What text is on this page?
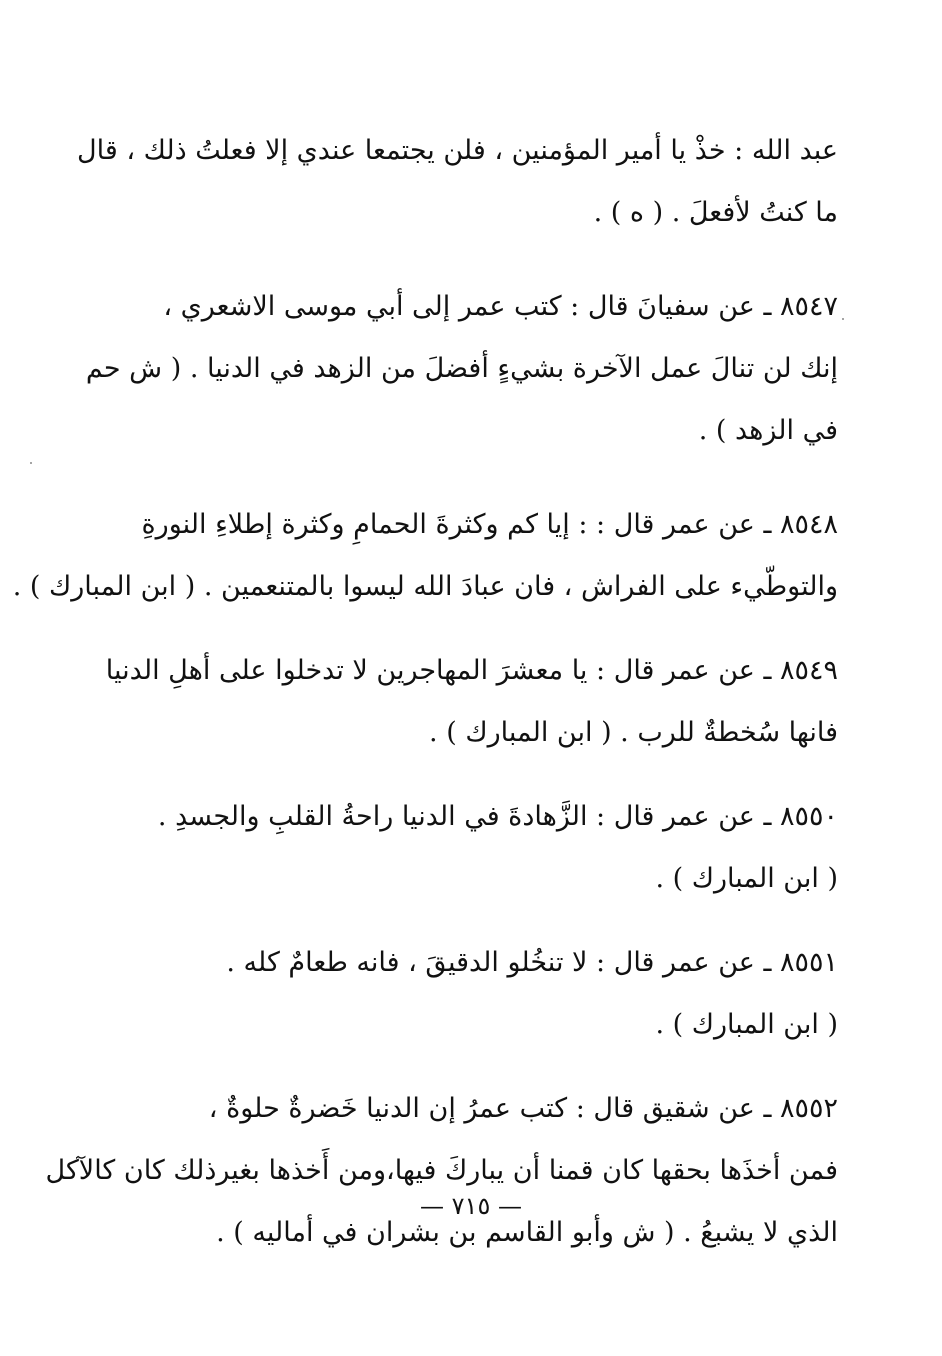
عبد الله : خذْ يا أمير المؤمنين ، فلن يجتمعا عندي إلا فعلتُ ذلك ، قال
ما كنتُ لأفعلَ . ( ه ) .
٨٥٤٧ ـ عن سفيانَ قال : كتب عمر إلى أبي موسى الاشعري ،
إنك لن تنالَ عمل الآخرة بشيءٍ أفضلَ من الزهد في الدنيا . ( ش حم
في الزهد ) .
٨٥٤٨ ـ عن عمر قال : : إيا كم وكثرةَ الحمامِ وكثرة إطلاءِ النورةِ
والتوطّيء على الفراش ، فان عبادَ الله ليسوا بالمتنعمين . ( ابن المبارك ) .
٨٥٤٩ ـ عن عمر قال : يا معشرَ المهاجرين لا تدخلوا على أهلِ الدنيا
فانها سُخطةٌ للرب . ( ابن المبارك ) .
٨٥٥٠ ـ عن عمر قال : الزَّهادةَ في الدنيا راحةُ القلبِ والجسدِ .
( ابن المبارك ) .
٨٥٥١ ـ عن عمر قال : لا تنخُلو الدقيقَ ، فانه طعامٌ كله .
( ابن المبارك ) .
٨٥٥٢ ـ عن شقيق قال : كتب عمرُ إن الدنيا خَضرةٌ حلوةٌ ،
فمن أخذَها بحقها كان قمنا أن يباركَ فيها،ومن أَخذها بغيرذلك كان كالآكل
الذي لا يشبعُ . ( ش وأبو القاسم بن بشران في أماليه ) .
— ٧١٥ —
